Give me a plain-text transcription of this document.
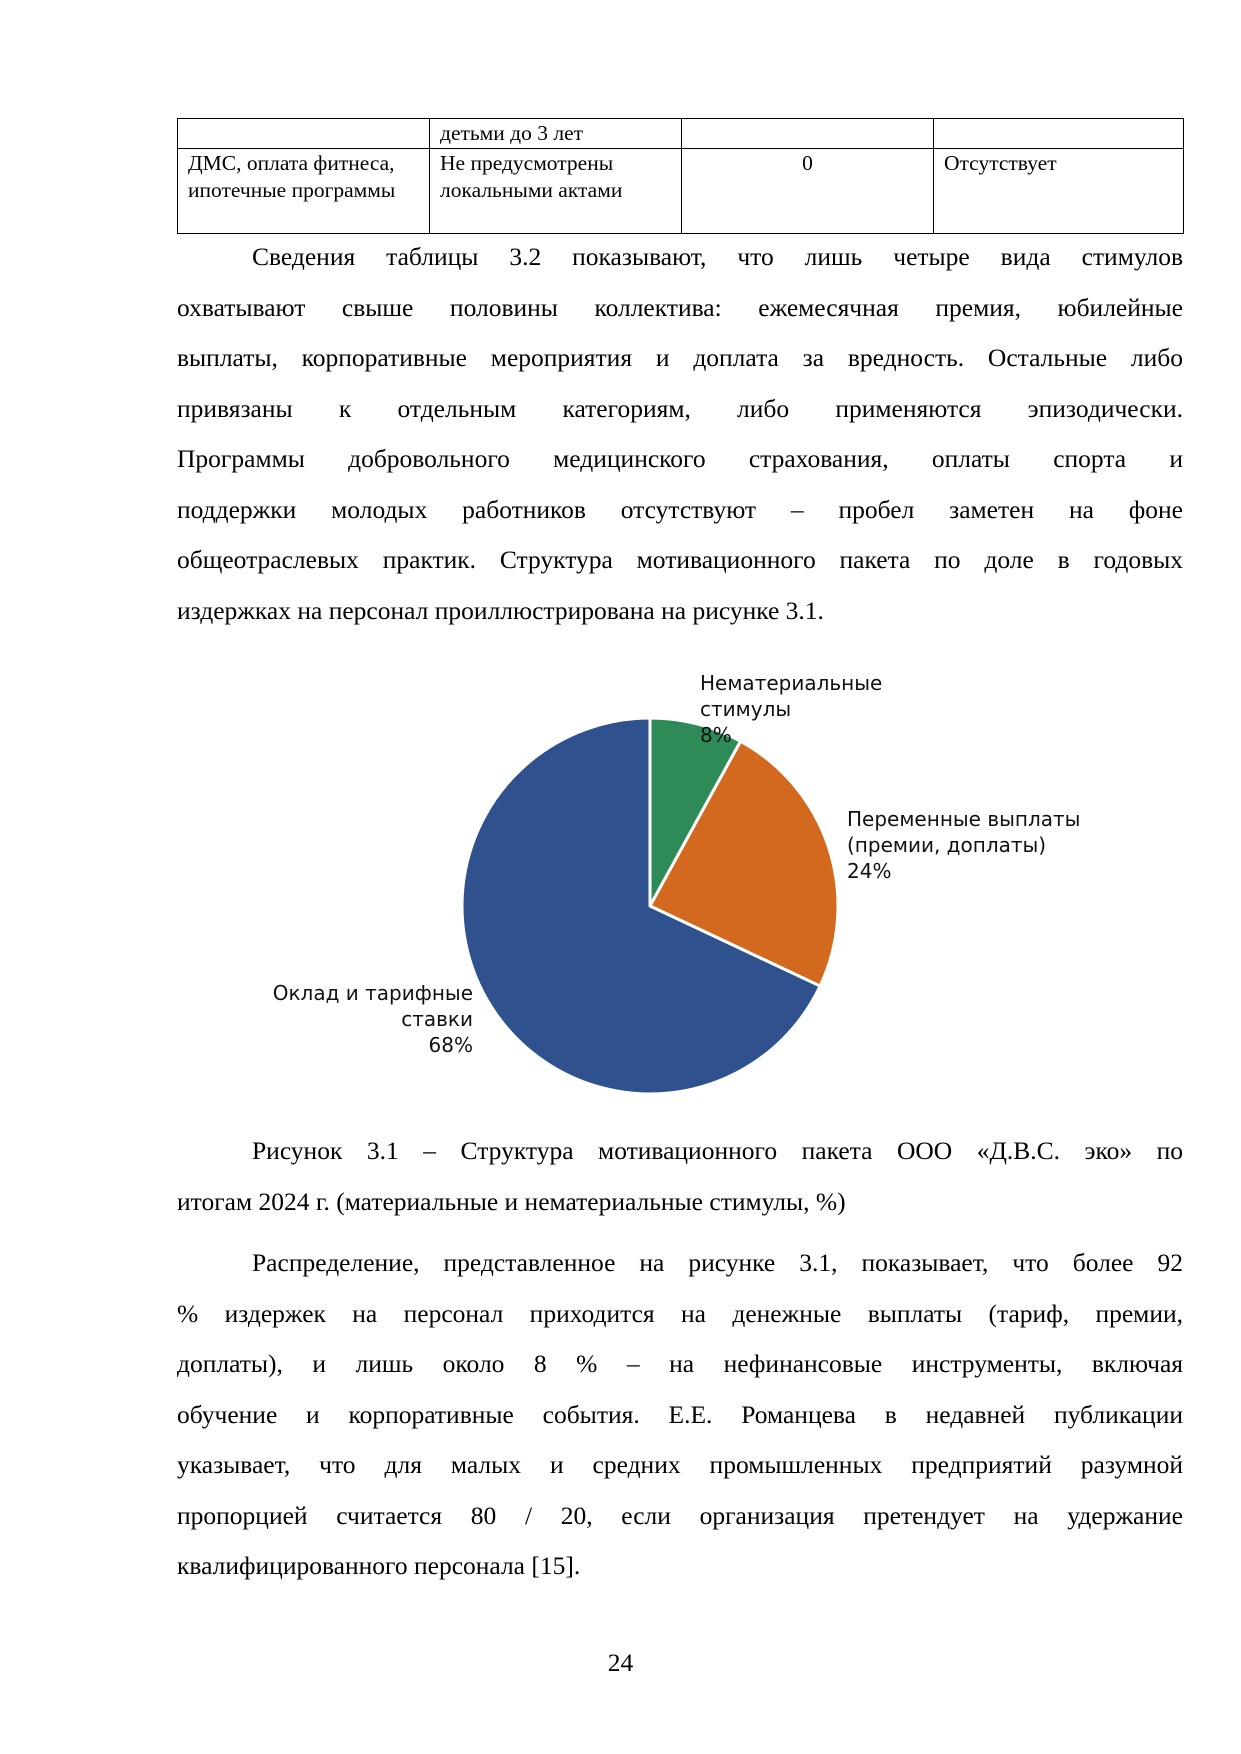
	детьми до 3 лет		
ДМС, оплата фитнеса, ипотечные программы	Не предусмотрены локальными актами	0	Отсутствует
Сведения таблицы 3.2 показывают, что лишь четыре вида стимулов
охватывают свыше половины коллектива: ежемесячная премия, юбилейные
выплаты, корпоративные мероприятия и доплата за вредность. Остальные либо
привязаны к отдельным категориям, либо применяются эпизодически.
Программы добровольного медицинского страхования, оплаты спорта и
поддержки молодых работников отсутствуют – пробел заметен на фоне
общеотраслевых практик. Структура мотивационного пакета по доле в годовых
издержках на персонал проиллюстрирована на рисунке 3.1.
Нематериальные стимулы 8%
Переменные выплаты (премии, доплаты) 24%
Оклад и тарифные ставки 68%
Рисунок 3.1 – Структура мотивационного пакета ООО «Д.В.С. эко» по
итогам 2024 г. (материальные и нематериальные стимулы, %)
Распределение, представленное на рисунке 3.1, показывает, что более 92
% издержек на персонал приходится на денежные выплаты (тариф, премии,
доплаты), и лишь около 8 % – на нефинансовые инструменты, включая
обучение и корпоративные события. Е.Е. Романцева в недавней публикации
указывает, что для малых и средних промышленных предприятий разумной
пропорцией считается 80 / 20, если организация претендует на удержание
квалифицированного персонала [15].
24
